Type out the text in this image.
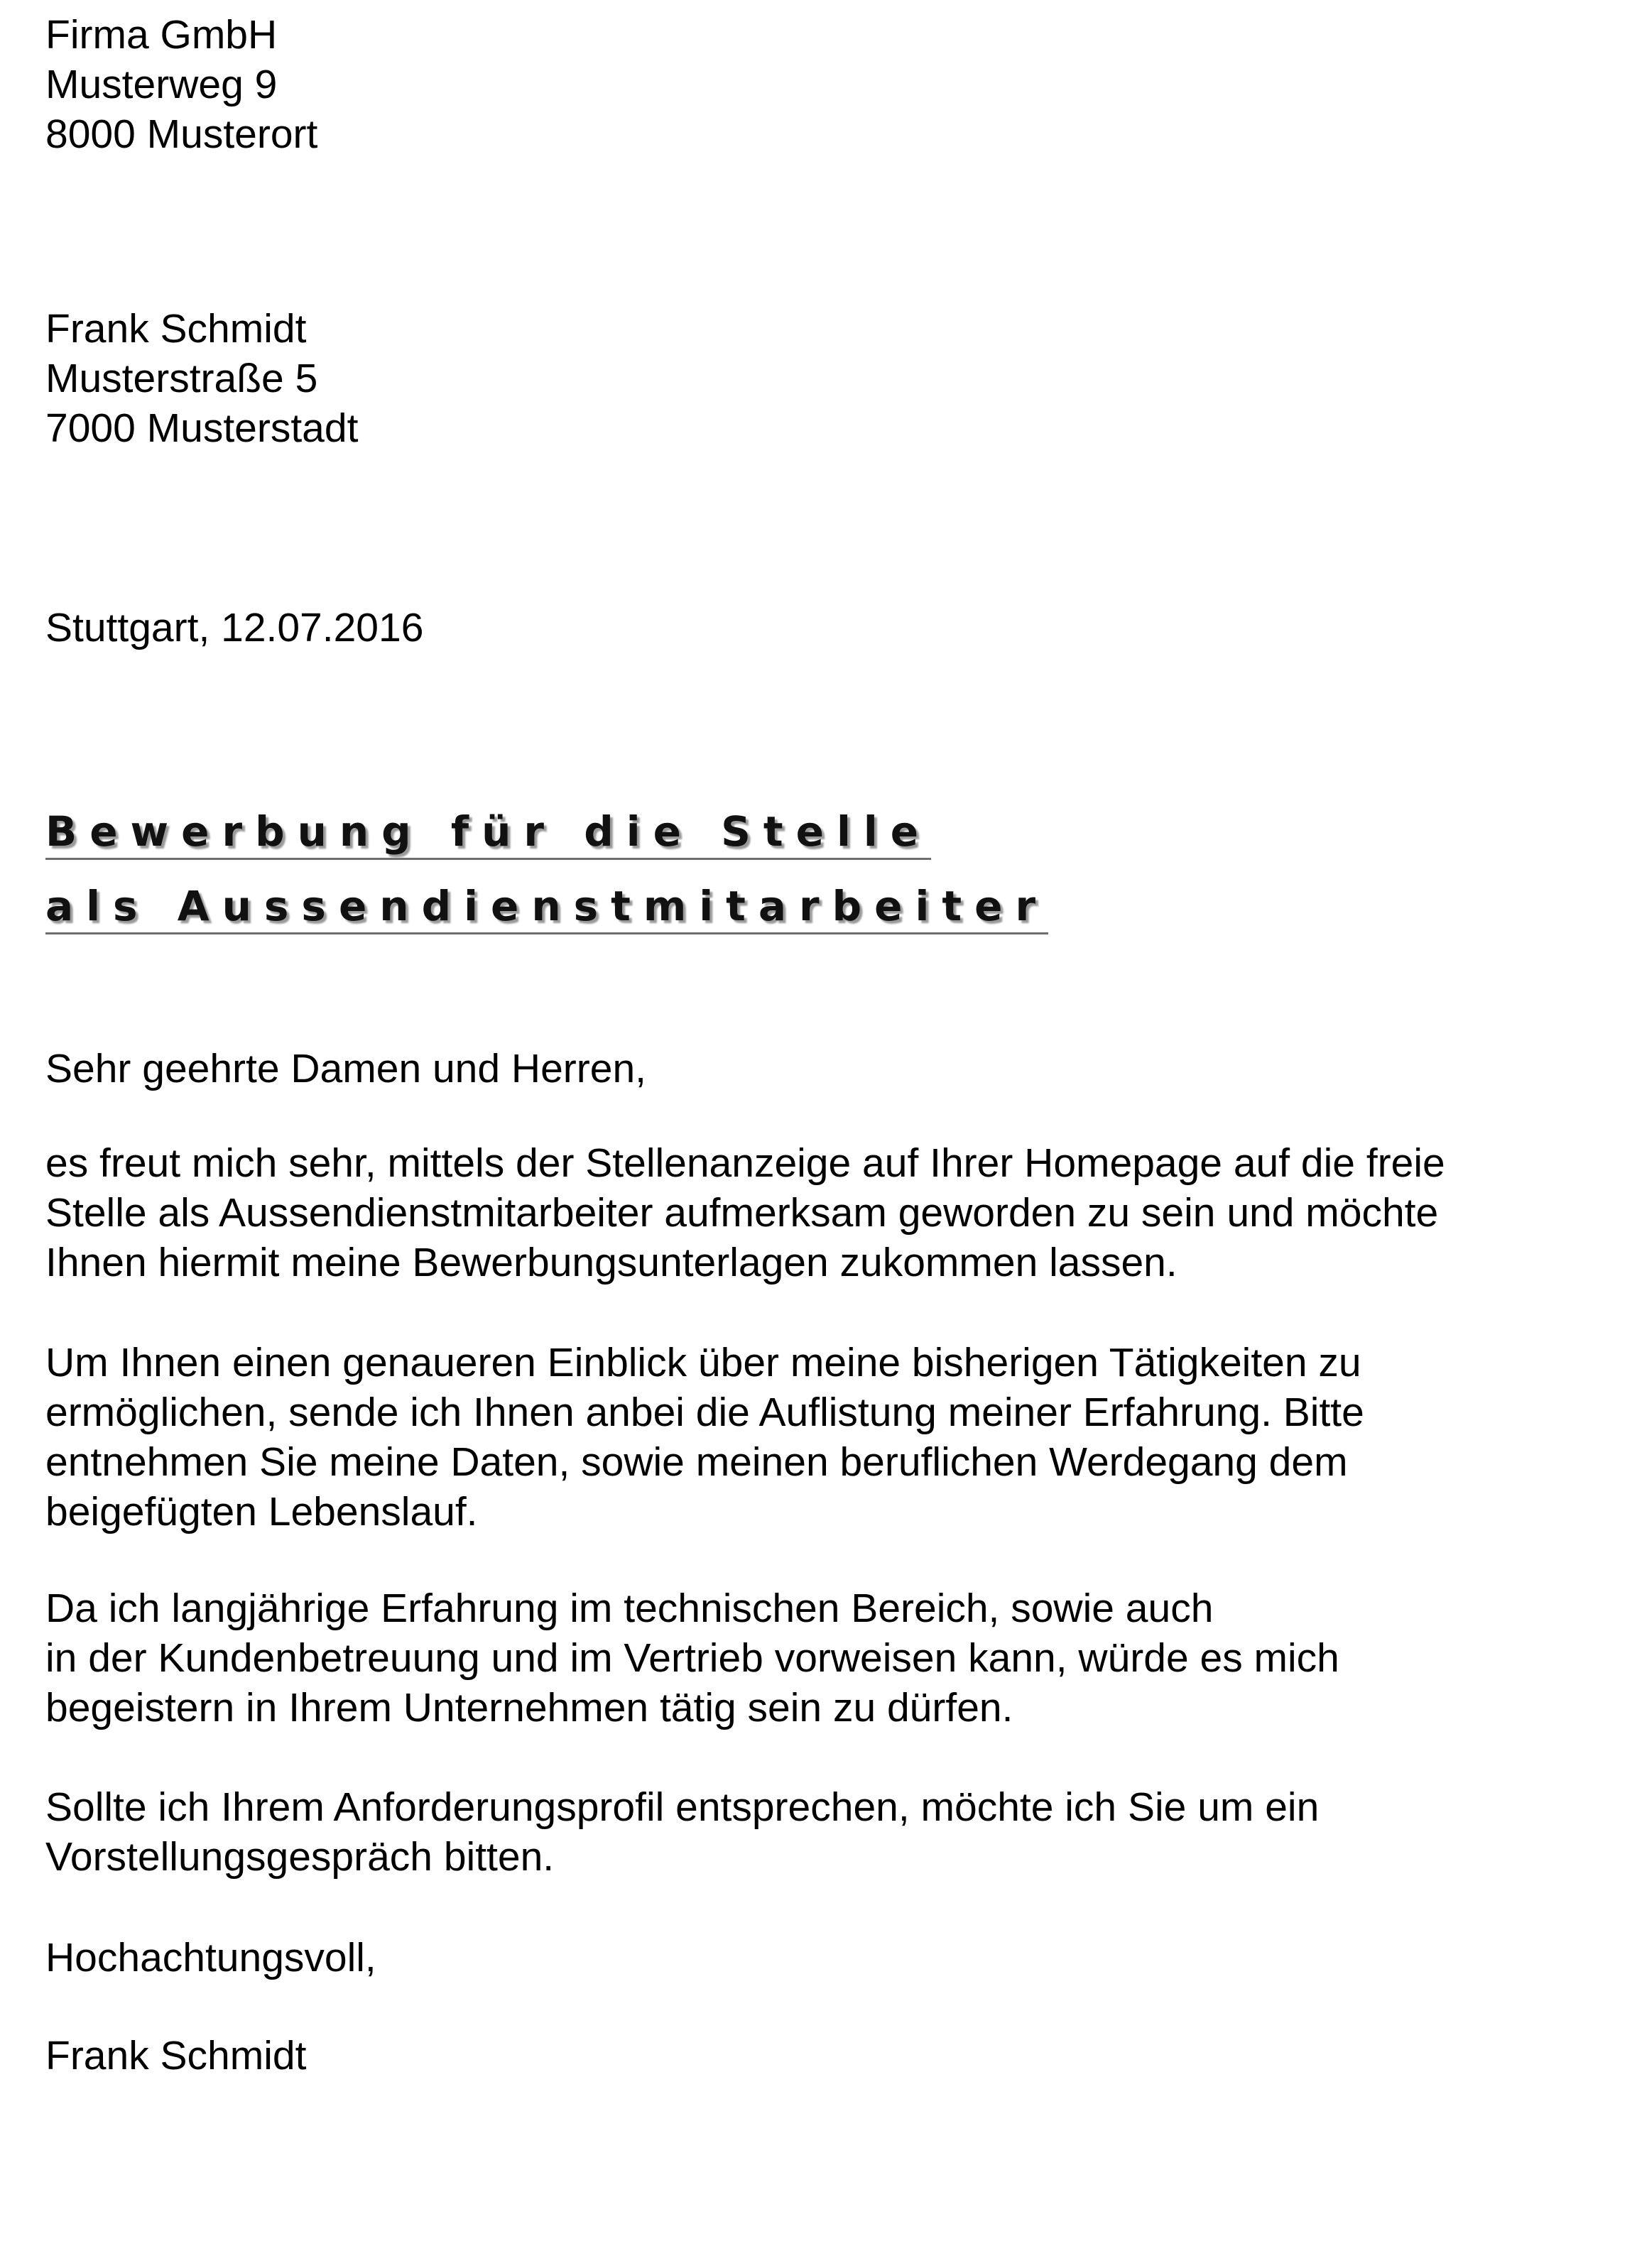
Firma GmbH
Musterweg 9
8000 Musterort
Frank Schmidt
Musterstraße 5
7000 Musterstadt
Stuttgart, 12.07.2016
Bewerbung für die Stelle
als Aussendienstmitarbeiter
Sehr geehrte Damen und Herren,
es freut mich sehr, mittels der Stellenanzeige auf Ihrer Homepage auf die freie
Stelle als Aussendienstmitarbeiter aufmerksam geworden zu sein und möchte
Ihnen hiermit meine Bewerbungsunterlagen zukommen lassen.
Um Ihnen einen genaueren Einblick über meine bisherigen Tätigkeiten zu
ermöglichen, sende ich Ihnen anbei die Auflistung meiner Erfahrung. Bitte
entnehmen Sie meine Daten, sowie meinen beruflichen Werdegang dem
beigefügten Lebenslauf.
Da ich langjährige Erfahrung im technischen Bereich, sowie auch
in der Kundenbetreuung und im Vertrieb vorweisen kann, würde es mich
begeistern in Ihrem Unternehmen tätig sein zu dürfen.
Sollte ich Ihrem Anforderungsprofil entsprechen, möchte ich Sie um ein
Vorstellungsgespräch bitten.
Hochachtungsvoll,
Frank Schmidt
